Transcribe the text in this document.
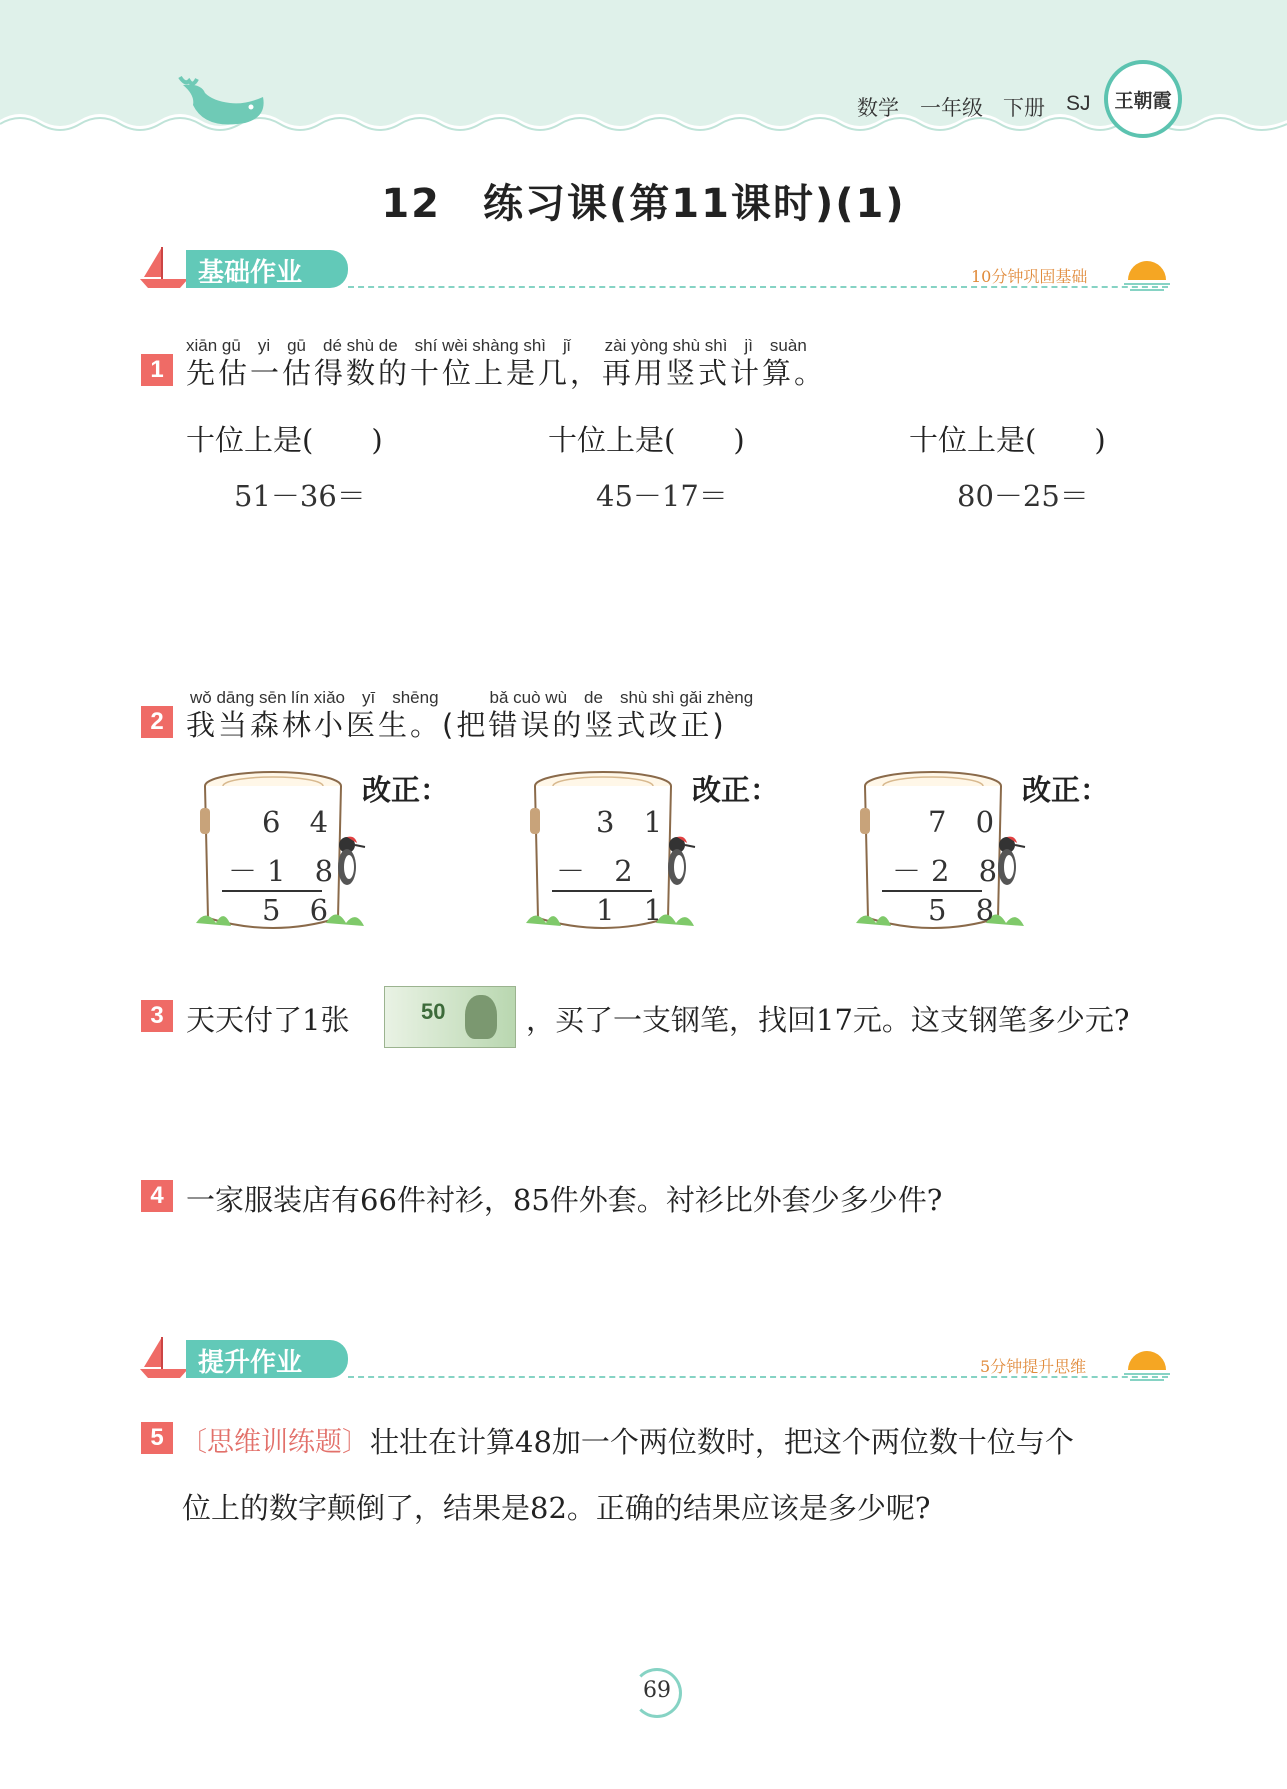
数学 一年级 下册 SJ 王朝霞
12　练习课(第11课时)(1)
基础作业	10分钟巩固基础
xiān gū　yi　gū　dé shù de　shí wèi shàng shì　jǐ　　zài yòng shù shì　jì　suàn
1 先估一估得数的十位上是几，再用竖式计算。
十位上是(　　)	十位上是(　　)	十位上是(　　)
51－36＝	45－17＝	80－25＝
wǒ dāng sēn lín xiǎo　yī　shēng　　　bǎ cuò wù　de　shù shì gǎi zhèng
2 我当森林小医生。(把错误的竖式改正)
6 4
－1 8
5 6
改正：
3 1
－ 2
1 1
改正：
7 0
－2 8
5 8
改正：
3 天天付了1张	50	，买了一支钢笔，找回17元。这支钢笔多少元?
4 一家服装店有66件衬衫，85件外套。衬衫比外套少多少件?
提升作业	5分钟提升思维
5 〔思维训练题〕 壮壮在计算48加一个两位数时，把这个两位数十位与个
位上的数字颠倒了，结果是82。正确的结果应该是多少呢?
69
